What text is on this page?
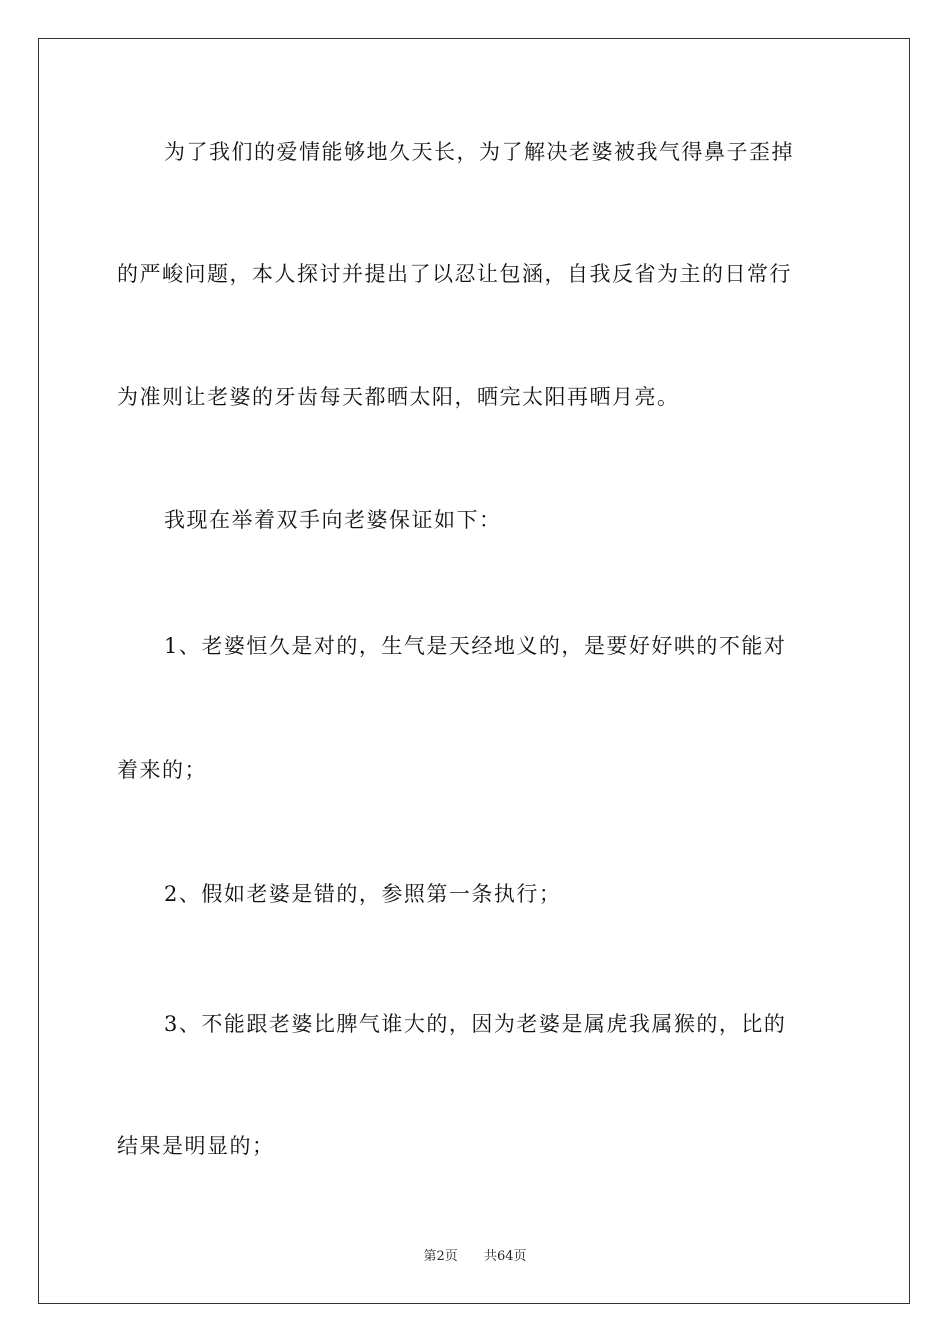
为了我们的爱情能够地久天长，为了解决老婆被我气得鼻子歪掉

的严峻问题，本人探讨并提出了以忍让包涵，自我反省为主的日常行

为准则让老婆的牙齿每天都晒太阳，晒完太阳再晒月亮。

我现在举着双手向老婆保证如下：

1、老婆恒久是对的，生气是天经地义的，是要好好哄的不能对

着来的；

2、假如老婆是错的，参照第一条执行；

3、不能跟老婆比脾气谁大的，因为老婆是属虎我属猴的，比的

结果是明显的；

第2页 共64页
